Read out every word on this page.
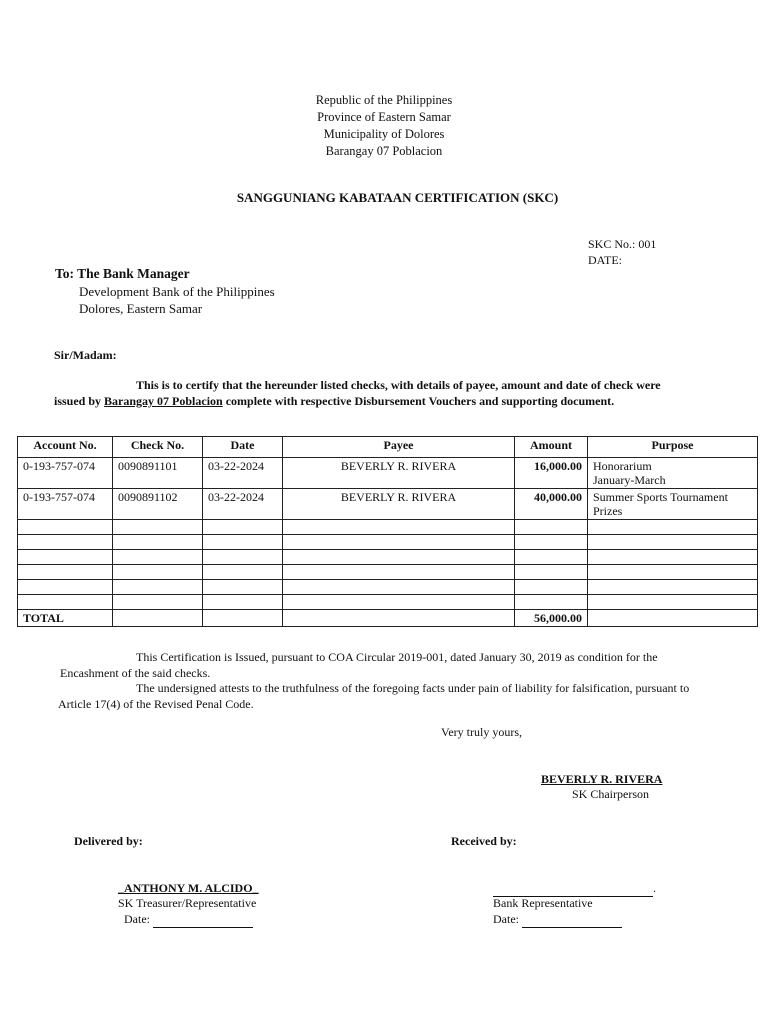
Republic of the Philippines
Province of Eastern Samar
Municipality of Dolores
Barangay 07 Poblacion
SANGGUNIANG KABATAAN CERTIFICATION (SKC)
SKC No.: 001
DATE:
To: The Bank Manager
Development Bank of the Philippines
Dolores, Eastern Samar
Sir/Madam:
This is to certify that the hereunder listed checks, with details of payee, amount and date of check were
issued by Barangay 07 Poblacion complete with respective Disbursement Vouchers and supporting document.
Account No.	Check No.	Date	Payee	Amount	Purpose
0-193-757-074	0090891101	03-22-2024	BEVERLY R. RIVERA	16,000.00	Honorarium
January-March

0-193-757-074	0090891102	03-22-2024	BEVERLY R. RIVERA	40,000.00	Summer Sports Tournament
Prizes

TOTAL				56,000.00	
This Certification is Issued, pursuant to COA Circular 2019-001, dated January 30, 2019 as condition for the
Encashment of the said checks.
The undersigned attests to the truthfulness of the foregoing facts under pain of liability for falsification, pursuant to
Article 17(4) of the Revised Penal Code.
Very truly yours,
BEVERLY R. RIVERA
SK Chairperson
Delivered by:	Received by:
_ANTHONY M. ALCIDO_
SK Treasurer/Representative
Date:
.
Bank Representative
Date:
